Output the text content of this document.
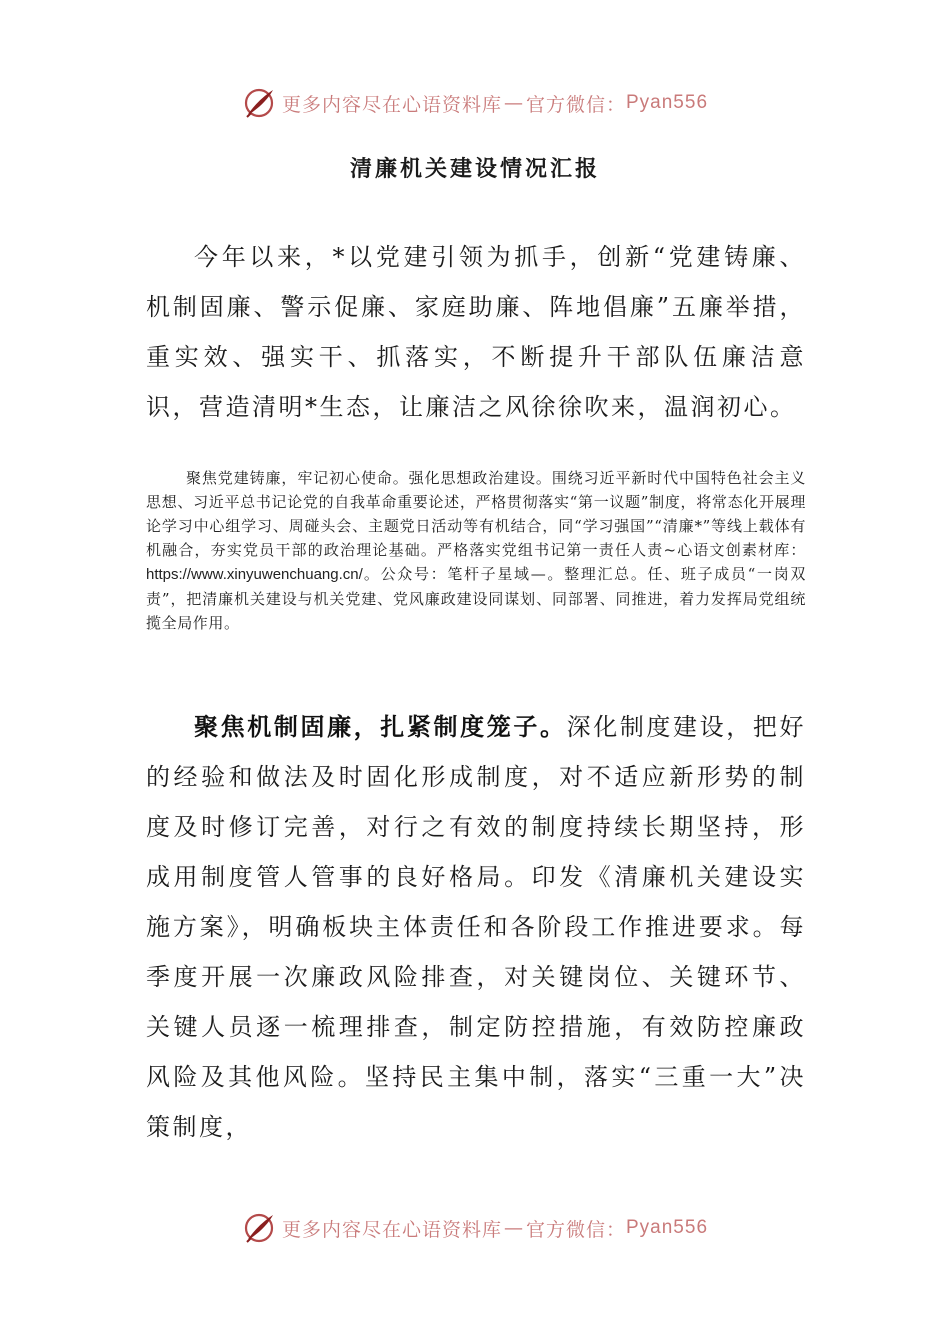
更多内容尽在心语资料库 — 官方微信： Pyan556
清廉机关建设情况汇报

今年以来，*以党建引领为抓手，创新“党建铸廉、机制固廉、警示促廉、家庭助廉、阵地倡廉”五廉举措，重实效、强实干、抓落实，不断提升干部队伍廉洁意识，营造清明*生态，让廉洁之风徐徐吹来，温润初心。

聚焦党建铸廉，牢记初心使命。强化思想政治建设。围绕习近平新时代中国特色社会主义思想、习近平总书记论党的自我革命重要论述，严格贯彻落实“第一议题”制度，将常态化开展理论学习中心组学习、周碰头会、主题党日活动等有机结合，同“学习强国”“清廉*”等线上载体有机融合，夯实党员干部的政治理论基础。严格落实党组书记第一责任人责~心语文创素材库：https://www.xinyuwenchuang.cn/。公众号：笔杆子星域—。整理汇总。任、班子成员“一岗双责”，把清廉机关建设与机关党建、党风廉政建设同谋划、同部署、同推进，着力发挥局党组统揽全局作用。

聚焦机制固廉，扎紧制度笼子。深化制度建设，把好的经验和做法及时固化形成制度，对不适应新形势的制度及时修订完善，对行之有效的制度持续长期坚持，形成用制度管人管事的良好格局。印发《清廉机关建设实施方案》，明确板块主体责任和各阶段工作推进要求。每季度开展一次廉政风险排查，对关键岗位、关键环节、关键人员逐一梳理排查，制定防控措施，有效防控廉政风险及其他风险。坚持民主集中制，落实“三重一大”决策制度，

更多内容尽在心语资料库 — 官方微信： Pyan556
